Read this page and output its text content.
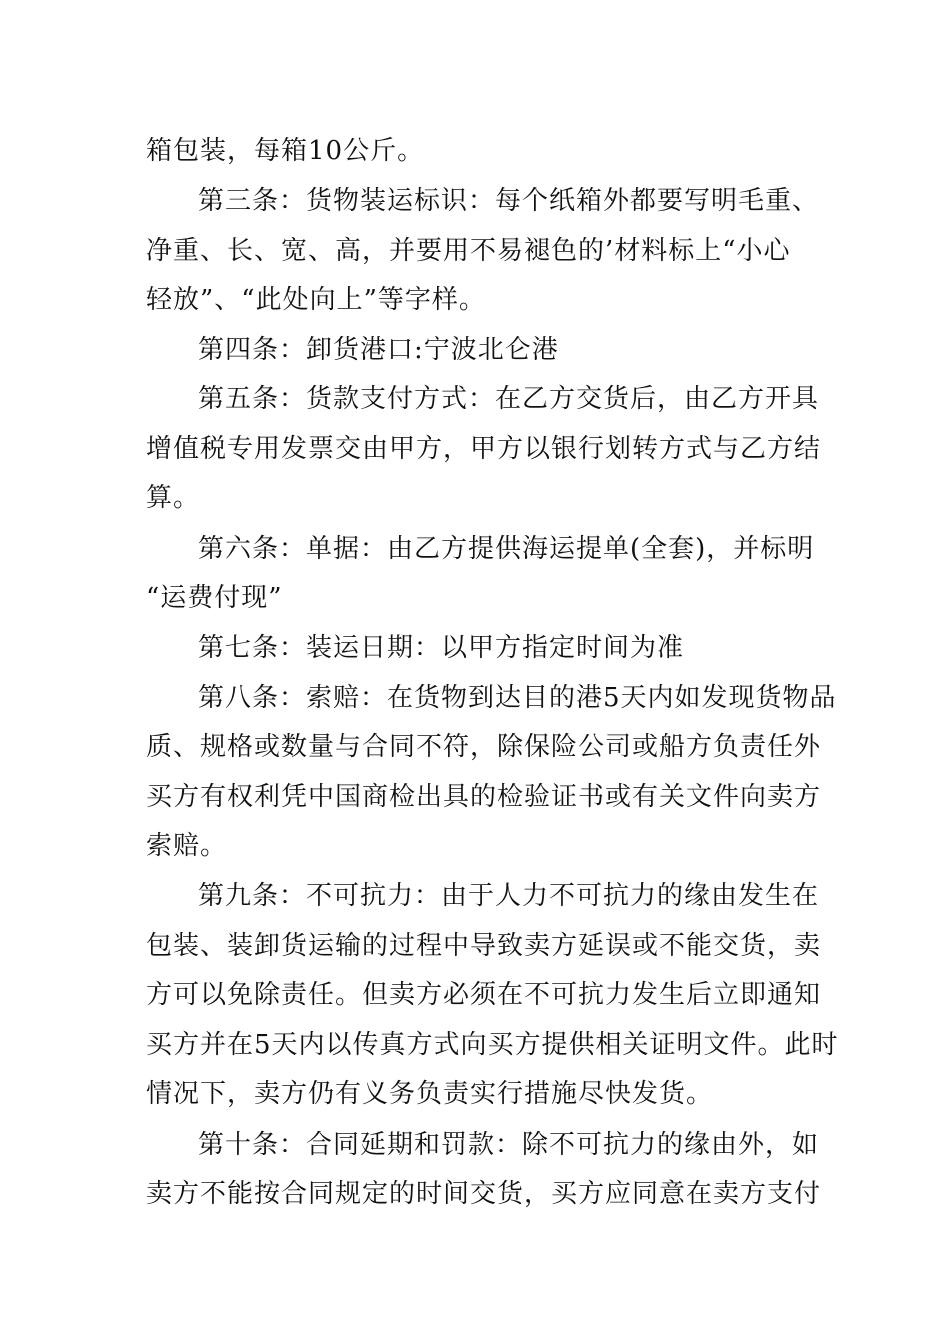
箱包装，每箱10公斤。
第三条：货物装运标识：每个纸箱外都要写明毛重、
净重、长、宽、高，并要用不易褪色的’材料标上“小心
轻放”、“此处向上”等字样。
第四条：卸货港口:宁波北仑港
第五条：货款支付方式：在乙方交货后，由乙方开具
增值税专用发票交由甲方，甲方以银行划转方式与乙方结
算。
第六条：单据：由乙方提供海运提单(全套)，并标明
“运费付现”
第七条：装运日期：以甲方指定时间为准
第八条：索赔：在货物到达目的港5天内如发现货物品
质、规格或数量与合同不符，除保险公司或船方负责任外
买方有权利凭中国商检出具的检验证书或有关文件向卖方
索赔。
第九条：不可抗力：由于人力不可抗力的缘由发生在
包装、装卸货运输的过程中导致卖方延误或不能交货，卖
方可以免除责任。但卖方必须在不可抗力发生后立即通知
买方并在5天内以传真方式向买方提供相关证明文件。此时
情况下，卖方仍有义务负责实行措施尽快发货。
第十条：合同延期和罚款：除不可抗力的缘由外，如
卖方不能按合同规定的时间交货，买方应同意在卖方支付
